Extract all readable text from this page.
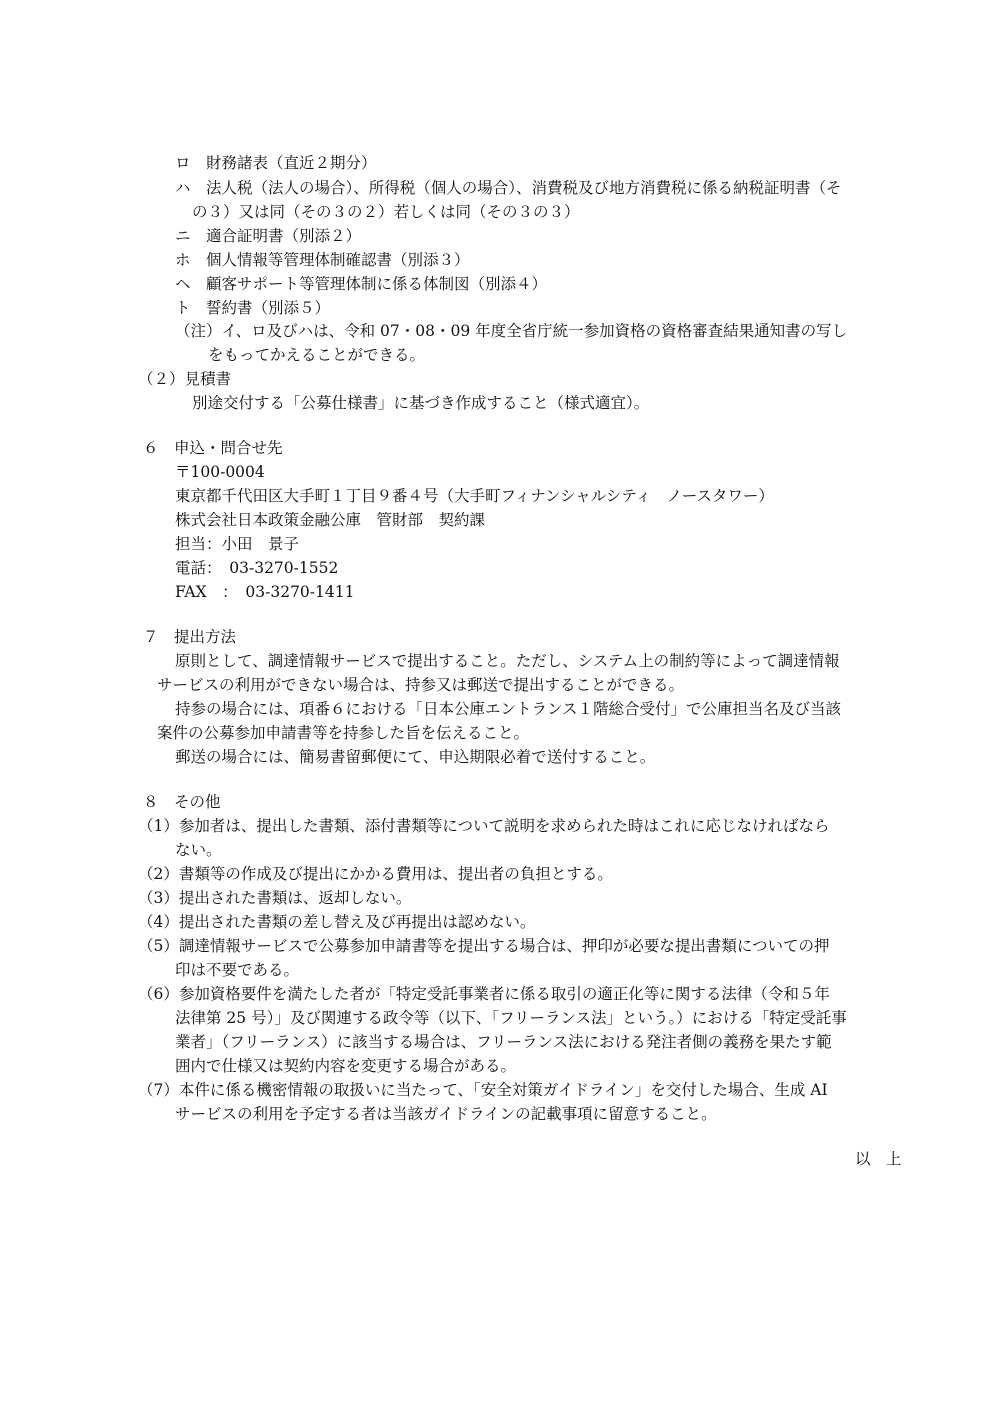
ロ　財務諸表（直近２期分）
ハ　法人税（法人の場合）、所得税（個人の場合）、消費税及び地方消費税に係る納税証明書（そ
の３）又は同（その３の２）若しくは同（その３の３）
ニ　適合証明書（別添２）
ホ　個人情報等管理体制確認書（別添３）
ヘ　顧客サポート等管理体制に係る体制図（別添４）
ト　誓約書（別添５）
（注）イ、ロ及びハは、令和 07・08・09 年度全省庁統一参加資格の資格審査結果通知書の写し
をもってかえることができる。
（２）見積書
別途交付する「公募仕様書」に基づき作成すること（様式適宜）。
６　申込・問合せ先
〒100-0004
東京都千代田区大手町１丁目９番４号（大手町フィナンシャルシティ　ノースタワー）
株式会社日本政策金融公庫　管財部　契約課
担当：小田　景子
電話：　03-3270-1552
FAX　：　03-3270-1411
７　提出方法
原則として、調達情報サービスで提出すること。ただし、システム上の制約等によって調達情報
サービスの利用ができない場合は、持参又は郵送で提出することができる。
持参の場合には、項番６における「日本公庫エントランス１階総合受付」で公庫担当名及び当該
案件の公募参加申請書等を持参した旨を伝えること。
郵送の場合には、簡易書留郵便にて、申込期限必着で送付すること。
８　その他
（1）参加者は、提出した書類、添付書類等について説明を求められた時はこれに応じなければなら
ない。
（2）書類等の作成及び提出にかかる費用は、提出者の負担とする。
（3）提出された書類は、返却しない。
（4）提出された書類の差し替え及び再提出は認めない。
（5）調達情報サービスで公募参加申請書等を提出する場合は、押印が必要な提出書類についての押
印は不要である。
（6）参加資格要件を満たした者が「特定受託事業者に係る取引の適正化等に関する法律（令和５年
法律第 25 号）」及び関連する政令等（以下、「フリーランス法」という。）における「特定受託事
業者」（フリーランス）に該当する場合は、フリーランス法における発注者側の義務を果たす範
囲内で仕様又は契約内容を変更する場合がある。
（7）本件に係る機密情報の取扱いに当たって、「安全対策ガイドライン」を交付した場合、生成 AI
サービスの利用を予定する者は当該ガイドラインの記載事項に留意すること。
以　上
